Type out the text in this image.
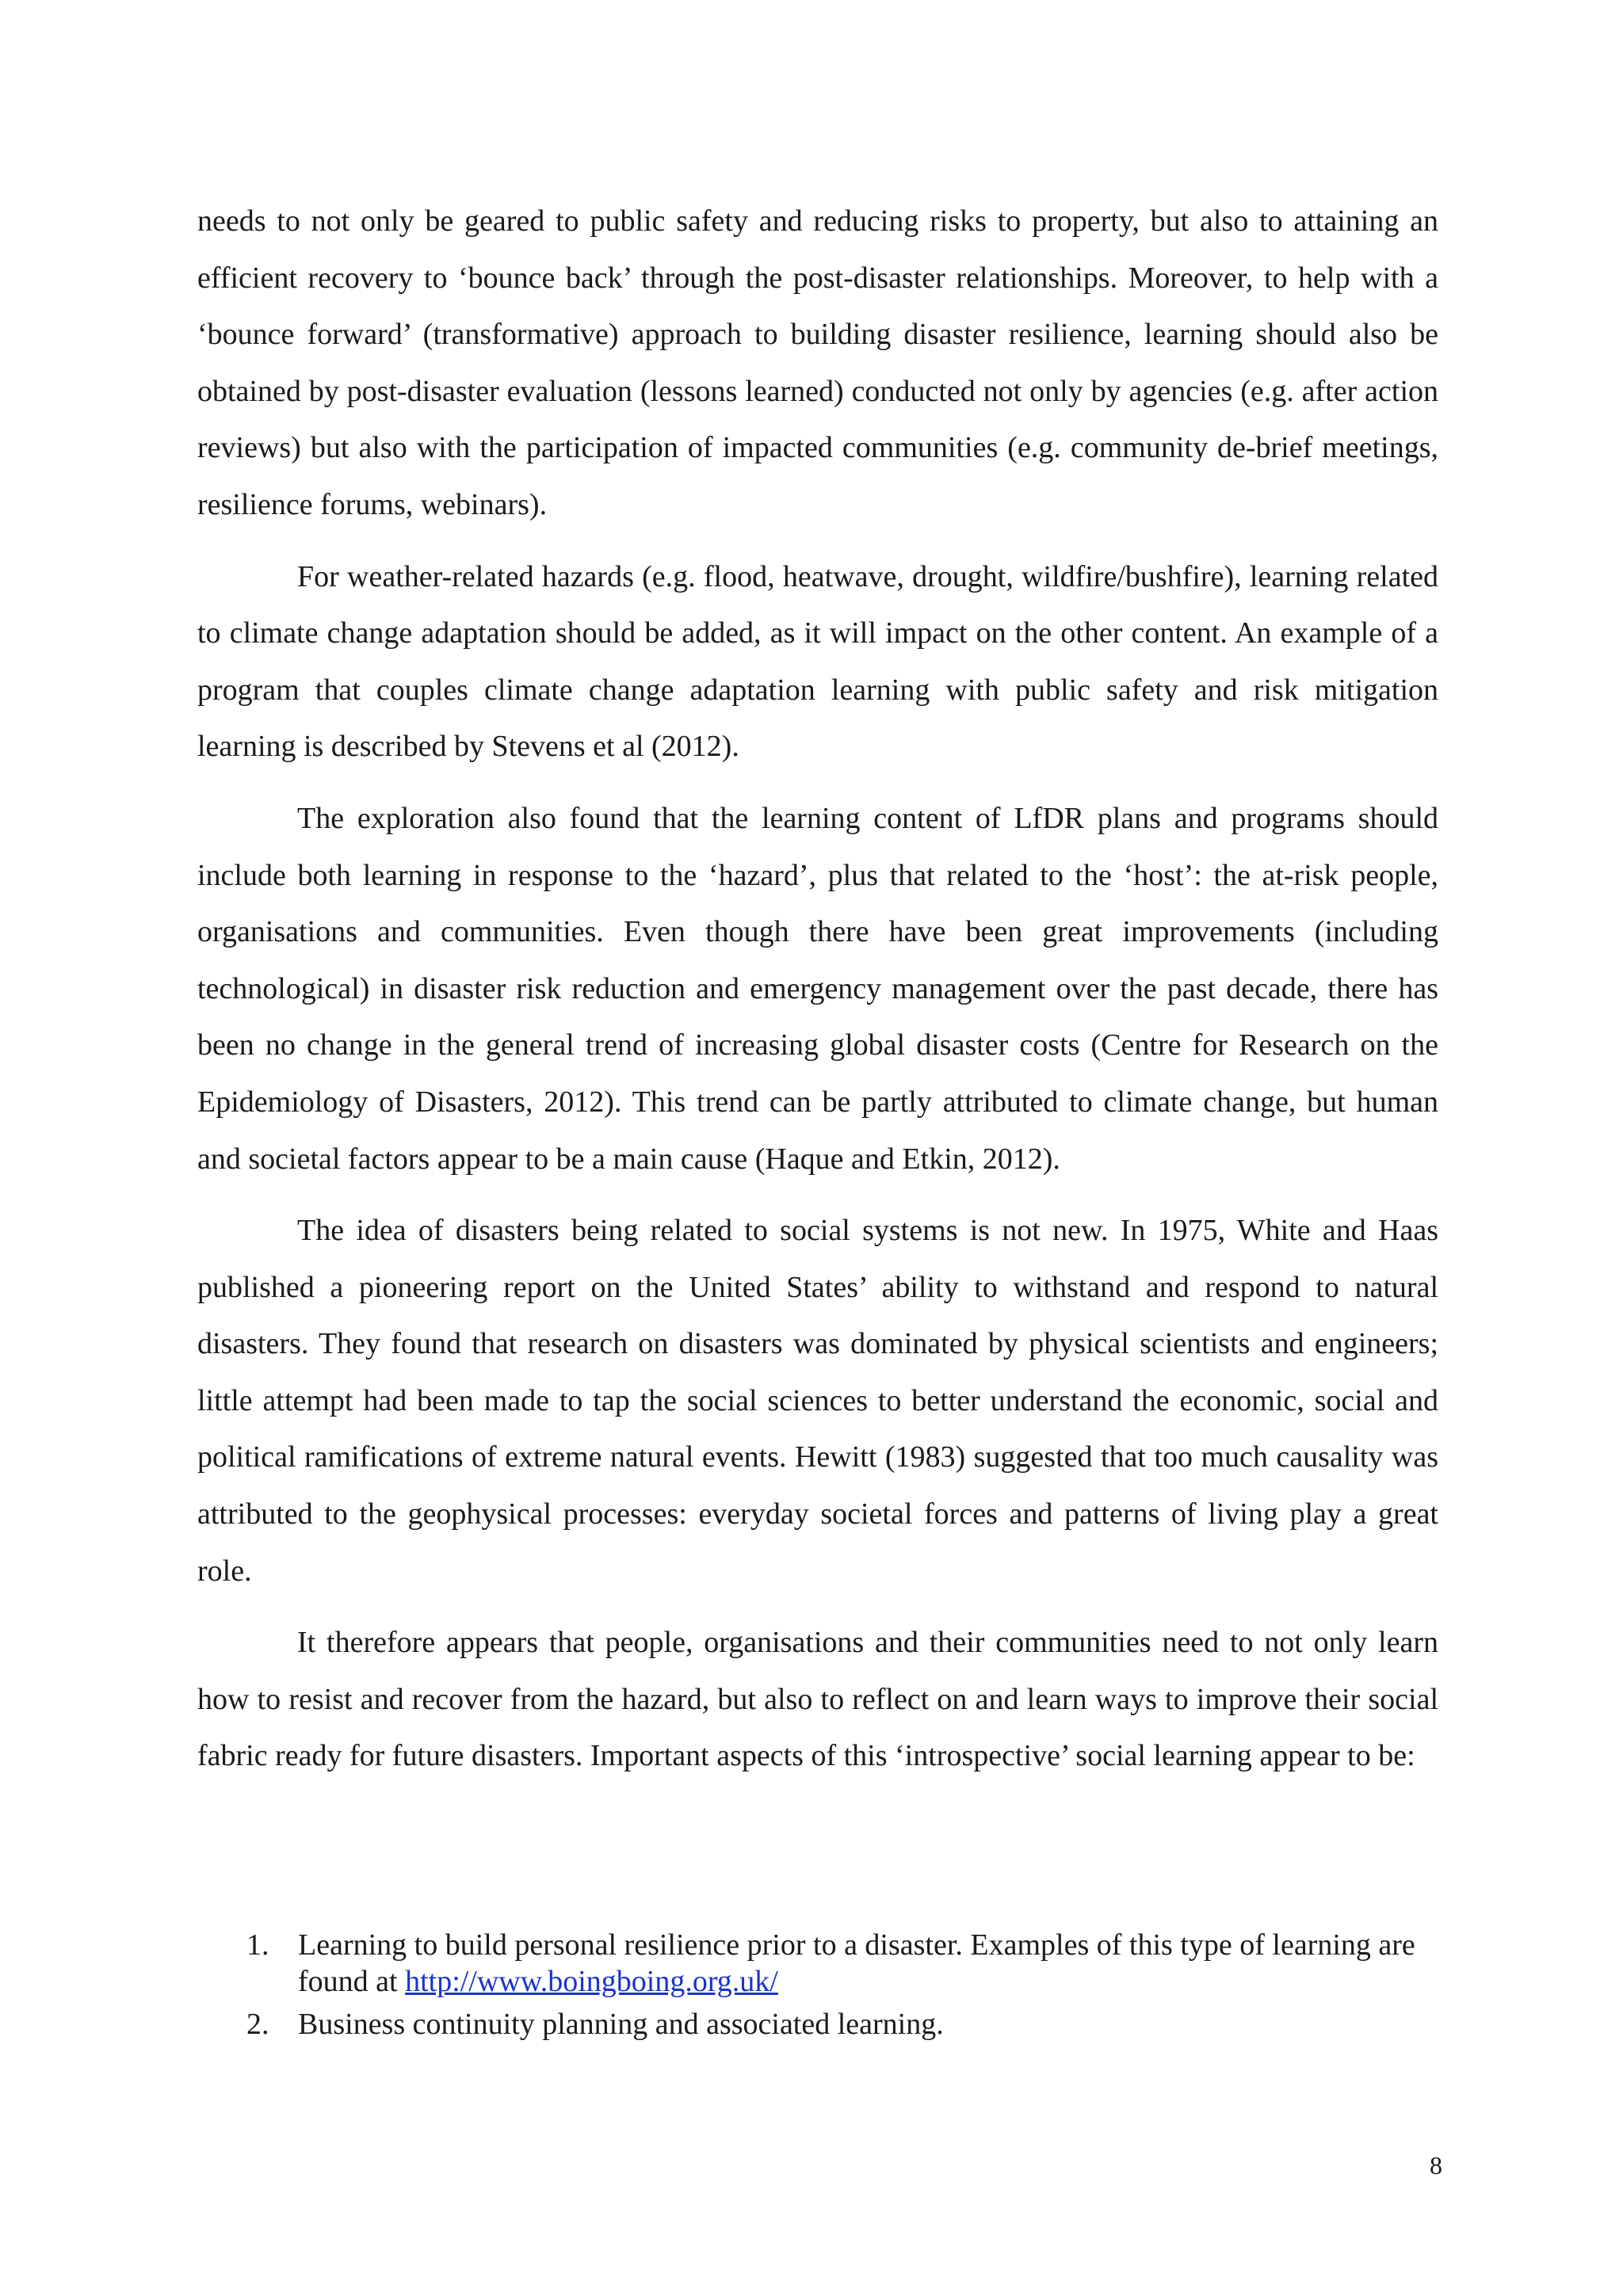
needs to not only be geared to public safety and reducing risks to property, but also to attaining an efficient recovery to ‘bounce back’ through the post-disaster relationships. Moreover, to help with a ‘bounce forward’ (transformative) approach to building disaster resilience, learning should also be obtained by post-disaster evaluation (lessons learned) conducted not only by agencies (e.g. after action reviews) but also with the participation of impacted communities (e.g. community de-brief meetings, resilience forums, webinars).

For weather-related hazards (e.g. flood, heatwave, drought, wildfire/bushfire), learning related to climate change adaptation should be added, as it will impact on the other content. An example of a program that couples climate change adaptation learning with public safety and risk mitigation learning is described by Stevens et al (2012).

The exploration also found that the learning content of LfDR plans and programs should include both learning in response to the ‘hazard’, plus that related to the ‘host’: the at-risk people, organisations and communities. Even though there have been great improvements (including technological) in disaster risk reduction and emergency management over the past decade, there has been no change in the general trend of increasing global disaster costs (Centre for Research on the Epidemiology of Disasters, 2012). This trend can be partly attributed to climate change, but human and societal factors appear to be a main cause (Haque and Etkin, 2012).

The idea of disasters being related to social systems is not new. In 1975, White and Haas published a pioneering report on the United States’ ability to withstand and respond to natural disasters. They found that research on disasters was dominated by physical scientists and engineers; little attempt had been made to tap the social sciences to better understand the economic, social and political ramifications of extreme natural events. Hewitt (1983) suggested that too much causality was attributed to the geophysical processes: everyday societal forces and patterns of living play a great role.

It therefore appears that people, organisations and their communities need to not only learn how to resist and recover from the hazard, but also to reflect on and learn ways to improve their social fabric ready for future disasters. Important aspects of this ‘introspective’ social learning appear to be:

1. Learning to build personal resilience prior to a disaster. Examples of this type of learning are found at http://www.boingboing.org.uk/
2. Business continuity planning and associated learning.
8
